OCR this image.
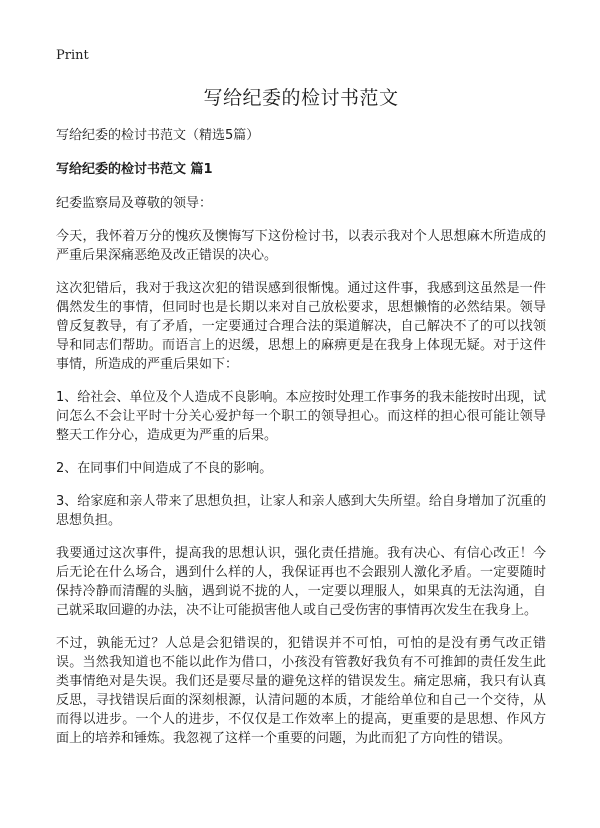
Print
写给纪委的检讨书范文

写给纪委的检讨书范文（精选5篇）

写给纪委的检讨书范文 篇1

纪委监察局及尊敬的领导：

今天，我怀着万分的愧疚及懊悔写下这份检讨书，以表示我对个人思想麻木所造成的严重后果深痛恶绝及改正错误的决心。

这次犯错后，我对于我这次犯的错误感到很惭愧。通过这件事，我感到这虽然是一件偶然发生的事情，但同时也是长期以来对自己放松要求，思想懒惰的必然结果。领导曾反复教导，有了矛盾，一定要通过合理合法的渠道解决，自己解决不了的可以找领导和同志们帮助。而语言上的迟缓，思想上的麻痹更是在我身上体现无疑。对于这件事情，所造成的严重后果如下：

1、给社会、单位及个人造成不良影响。本应按时处理工作事务的我未能按时出现，试问怎么不会让平时十分关心爱护每一个职工的领导担心。而这样的担心很可能让领导整天工作分心，造成更为严重的后果。

2、在同事们中间造成了不良的影响。

3、给家庭和亲人带来了思想负担，让家人和亲人感到大失所望。给自身增加了沉重的思想负担。

我要通过这次事件，提高我的思想认识，强化责任措施。我有决心、有信心改正！今后无论在什么场合，遇到什么样的人，我保证再也不会跟别人激化矛盾。一定要随时保持冷静而清醒的头脑，遇到说不拢的人，一定要以理服人，如果真的无法沟通，自己就采取回避的办法，决不让可能损害他人或自己受伤害的事情再次发生在我身上。

不过，孰能无过？人总是会犯错误的，犯错误并不可怕，可怕的是没有勇气改正错误。当然我知道也不能以此作为借口，小孩没有管教好我负有不可推卸的责任发生此类事情绝对是失误。我们还是要尽量的避免这样的错误发生。痛定思痛，我只有认真反思，寻找错误后面的深刻根源，认清问题的本质，才能给单位和自己一个交待，从而得以进步。一个人的进步，不仅仅是工作效率上的提高，更重要的是思想、作风方面上的培养和锤炼。我忽视了这样一个重要的问题，为此而犯了方向性的错误。
